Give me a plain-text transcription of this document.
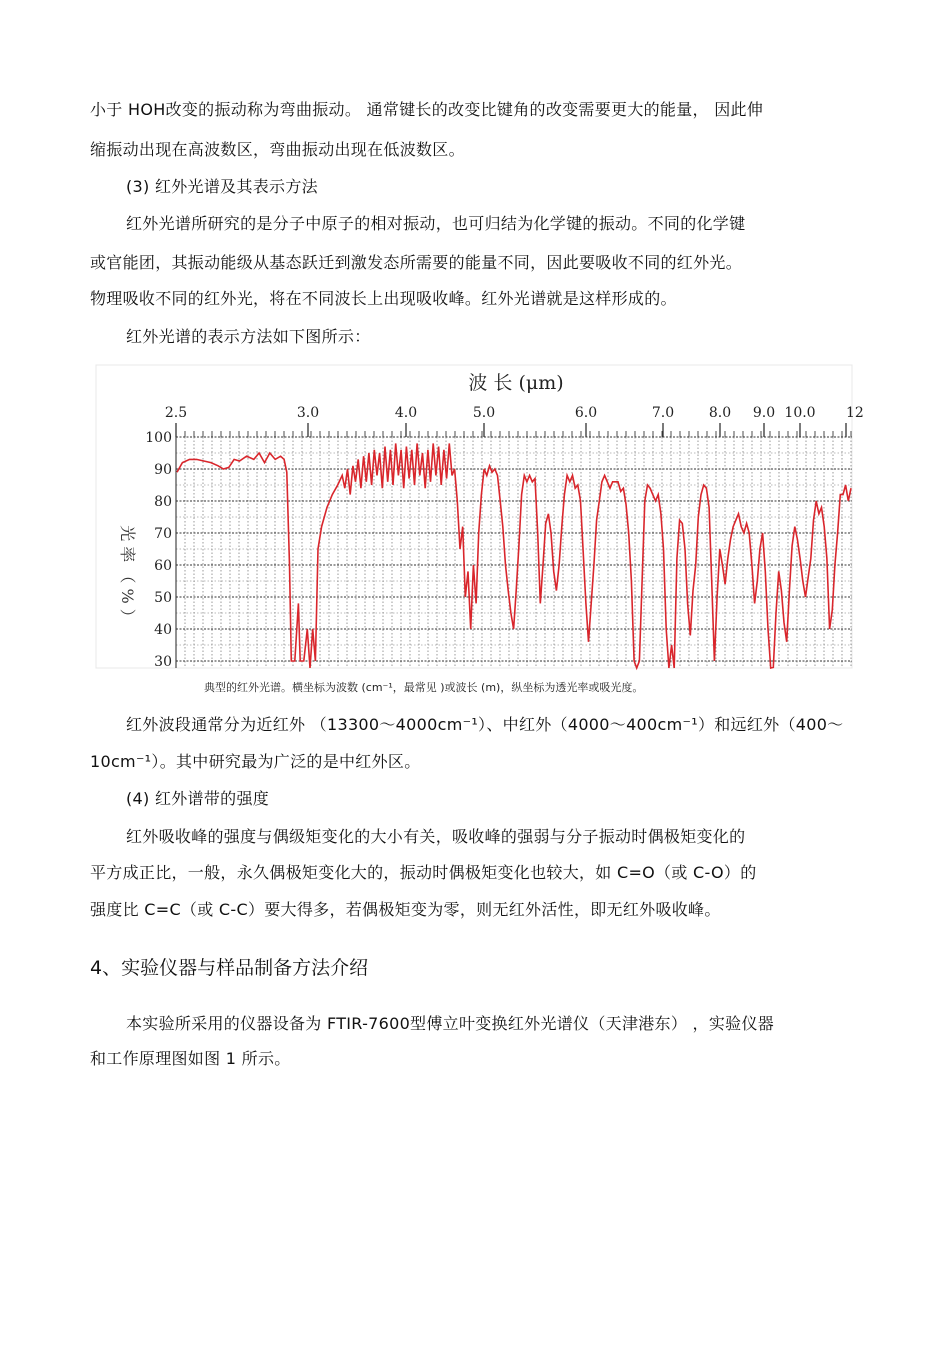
小于 HOH改变的振动称为弯曲振动。 通常键长的改变比键角的改变需要更大的能量， 因此伸
缩振动出现在高波数区，弯曲振动出现在低波数区。
(3) 红外光谱及其表示方法
红外光谱所研究的是分子中原子的相对振动，也可归结为化学键的振动。不同的化学键
或官能团，其振动能级从基态跃迁到激发态所需要的能量不同，因此要吸收不同的红外光。
物理吸收不同的红外光，将在不同波长上出现吸收峰。红外光谱就是这样形成的。
红外光谱的表示方法如下图所示：
波 长 (μm)
光 率 （ % ）
2.5	3.0	4.0	5.0	6.0	7.0 8.0 9.0 10.0 12
100
90
80
70
60
50
40
30
典型的红外光谱。横坐标为波数 (cm⁻¹，最常见 )或波长 (m)，纵坐标为透光率或吸光度。
红外波段通常分为近红外 （13300～4000cm⁻¹）、中红外（4000～400cm⁻¹）和远红外（400～
10cm⁻¹）。其中研究最为广泛的是中红外区。
(4) 红外谱带的强度
红外吸收峰的强度与偶级矩变化的大小有关，吸收峰的强弱与分子振动时偶极矩变化的
平方成正比，一般，永久偶极矩变化大的，振动时偶极矩变化也较大，如 C=O（或 C-O）的
强度比 C=C（或 C-C）要大得多，若偶极矩变为零，则无红外活性，即无红外吸收峰。
4、实验仪器与样品制备方法介绍
本实验所采用的仪器设备为 FTIR-7600型傅立叶变换红外光谱仪（天津港东） ，实验仪器
和工作原理图如图 1 所示。
